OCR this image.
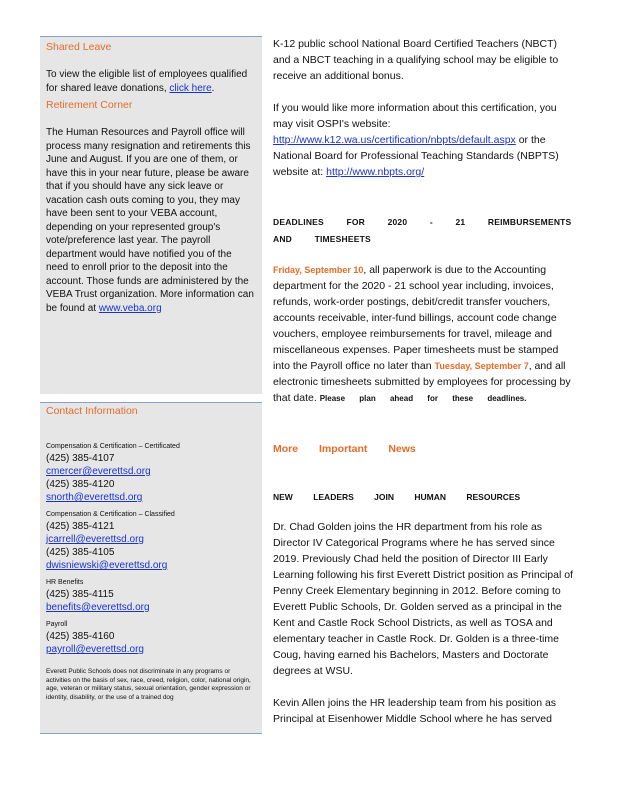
Shared Leave

To view the eligible list of employees qualified for shared leave donations, click here.

Retirement Corner

The Human Resources and Payroll office will process many resignation and retirements this June and August. If you are one of them, or have this in your near future, please be aware that if you should have any sick leave or vacation cash outs coming to you, they may have been sent to your VEBA account, depending on your represented group's vote/preference last year. The payroll department would have notified you of the need to enroll prior to the deposit into the account. Those funds are administered by the VEBA Trust organization. More information can be found at www.veba.org

Contact Information
Compensation & Certification – Certificated
(425) 385-4107
cmercer@everettsd.org
(425) 385-4120
snorth@everettsd.org
Compensation & Certification – Classified
(425) 385-4121
jcarrell@everettsd.org
(425) 385-4105
dwisniewski@everettsd.org
HR Benefits
(425) 385-4115
benefits@everettsd.org
Payroll
(425) 385-4160
payroll@everettsd.org
Everett Public Schools does not discriminate in any programs or activities on the basis of sex, race, creed, religion, color, national origin, age, veteran or military status, sexual orientation, gender expression or identity, disability, or the use of a trained dog

K-12 public school National Board Certified Teachers (NBCT) and a NBCT teaching in a qualifying school may be eligible to receive an additional bonus.

If you would like more information about this certification, you may visit OSPI's website: http://www.k12.wa.us/certification/nbpts/default.aspx or the National Board for Professional Teaching Standards (NBPTS) website at: http://www.nbpts.org/

DEADLINES FOR 2020 - 21 REIMBURSEMENTS AND TIMESHEETS

Friday, September 10, all paperwork is due to the Accounting department for the 2020 - 21 school year including, invoices, refunds, work-order postings, debit/credit transfer vouchers, accounts receivable, inter-fund billings, account code change vouchers, employee reimbursements for travel, mileage and miscellaneous expenses. Paper timesheets must be stamped into the Payroll office no later than Tuesday, September 7, and all electronic timesheets submitted by employees for processing by that date. Please plan ahead for these deadlines.

More Important News

NEW LEADERS JOIN HUMAN RESOURCES

Dr. Chad Golden joins the HR department from his role as Director IV Categorical Programs where he has served since 2019. Previously Chad held the position of Director III Early Learning following his first Everett District position as Principal of Penny Creek Elementary beginning in 2012. Before coming to Everett Public Schools, Dr. Golden served as a principal in the Kent and Castle Rock School Districts, as well as TOSA and elementary teacher in Castle Rock. Dr. Golden is a three-time Coug, having earned his Bachelors, Masters and Doctorate degrees at WSU.

Kevin Allen joins the HR leadership team from his position as Principal at Eisenhower Middle School where he has served
